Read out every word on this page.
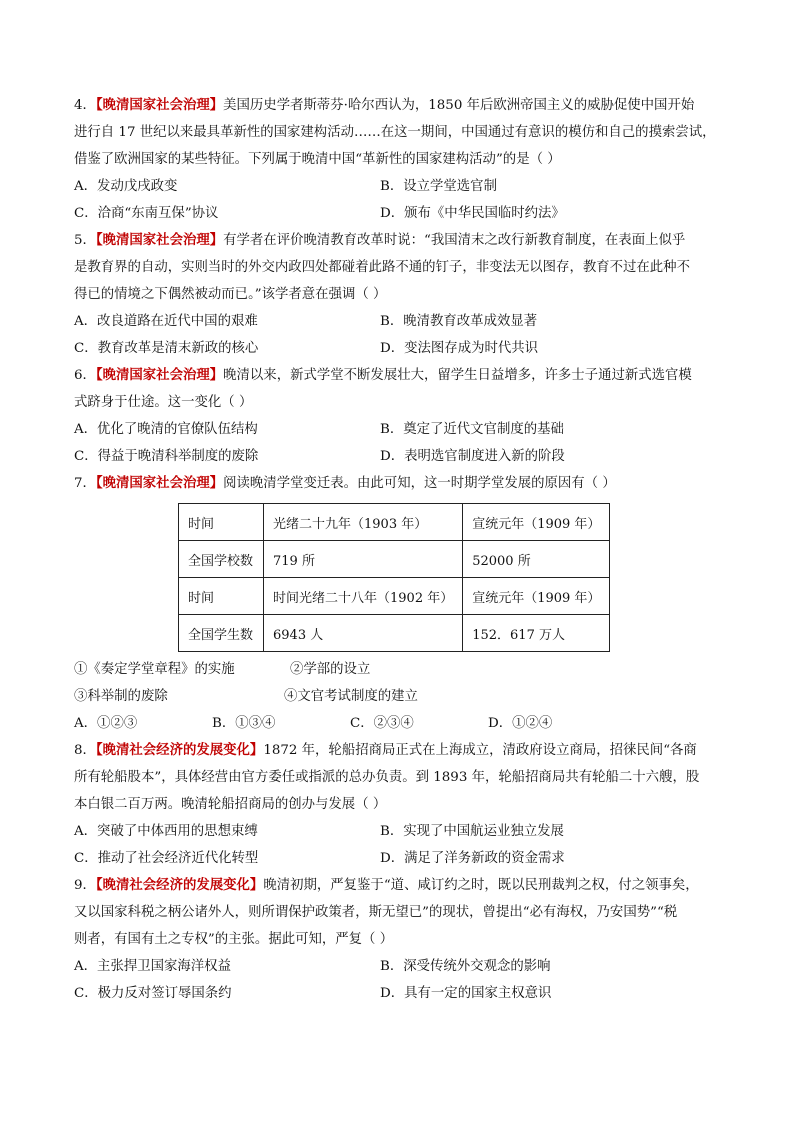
4．【晚清国家社会治理】美国历史学者斯蒂芬·哈尔西认为，1850 年后欧洲帝国主义的威胁促使中国开始
进行自 17 世纪以来最具革新性的国家建构活动……在这一期间，中国通过有意识的模仿和自己的摸索尝试，
借鉴了欧洲国家的某些特征。下列属于晚清中国“革新性的国家建构活动”的是（ ）
A．发动戊戌政变	B．设立学堂选官制
C．洽商“东南互保”协议	D．颁布《中华民国临时约法》
5．【晚清国家社会治理】有学者在评价晚清教育改革时说：“我国清末之改行新教育制度，在表面上似乎
是教育界的自动，实则当时的外交内政四处都碰着此路不通的钉子，非变法无以图存，教育不过在此种不
得已的情境之下偶然被动而已。”该学者意在强调（ ）
A．改良道路在近代中国的艰难	B．晚清教育改革成效显著
C．教育改革是清末新政的核心	D．变法图存成为时代共识
6．【晚清国家社会治理】晚清以来，新式学堂不断发展壮大，留学生日益增多，许多士子通过新式选官模
式跻身于仕途。这一变化（ ）
A．优化了晚清的官僚队伍结构	B．奠定了近代文官制度的基础
C．得益于晚清科举制度的废除	D．表明选官制度进入新的阶段
7．【晚清国家社会治理】阅读晚清学堂变迁表。由此可知，这一时期学堂发展的原因有（ ）
时间	光绪二十九年（1903 年）	宣统元年（1909 年）
全国学校数	719 所	52000 所
时间	时间光绪二十八年（1902 年）	宣统元年（1909 年）
全国学生数	6943 人	152．617 万人
①《奏定学堂章程》的实施	②学部的设立
③科举制的废除	④文官考试制度的建立
A．①②③	B．①③④	C．②③④	D．①②④
8．【晚清社会经济的发展变化】1872 年，轮船招商局正式在上海成立，清政府设立商局，招徕民间“各商
所有轮船股本”，具体经营由官方委任或指派的总办负责。到 1893 年，轮船招商局共有轮船二十六艘，股
本白银二百万两。晚清轮船招商局的创办与发展（ ）
A．突破了中体西用的思想束缚	B．实现了中国航运业独立发展
C．推动了社会经济近代化转型	D．满足了洋务新政的资金需求
9．【晚清社会经济的发展变化】晚清初期，严复鉴于“道、咸订约之时，既以民刑裁判之权，付之领事矣，
又以国家科税之柄公诸外人，则所谓保护政策者，斯无望已”的现状，曾提出“必有海权，乃安国势”“税
则者，有国有土之专权”的主张。据此可知，严复（ ）
A．主张捍卫国家海洋权益	B．深受传统外交观念的影响
C．极力反对签订辱国条约	D．具有一定的国家主权意识
